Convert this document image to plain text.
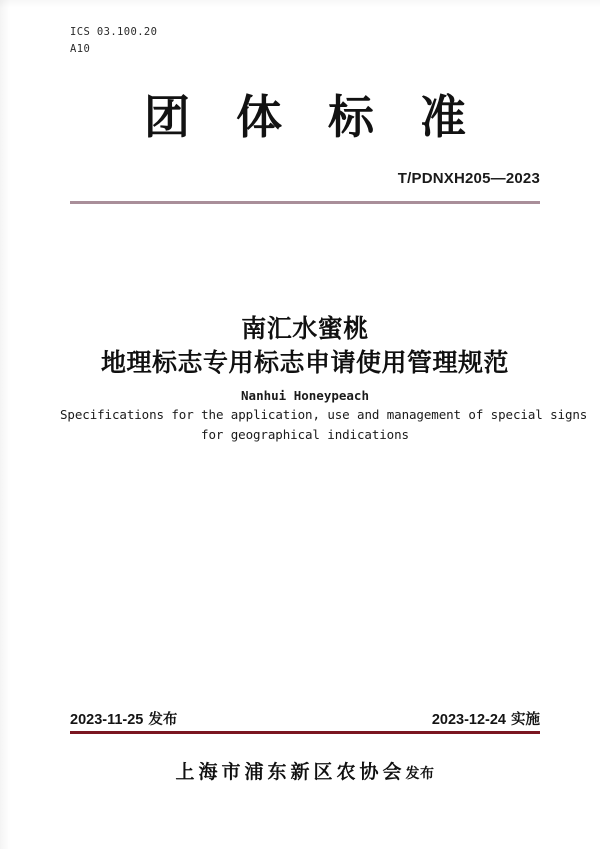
ICS 03.100.20
A10
团体标准
T/PDNXH205—2023
南汇水蜜桃
地理标志专用标志申请使用管理规范
Nanhui Honeypeach
Specifications for the application, use and management of special signs
for geographical indications
2023-11-25 发布	2023-12-24 实施
上海市浦东新区农协会发布
